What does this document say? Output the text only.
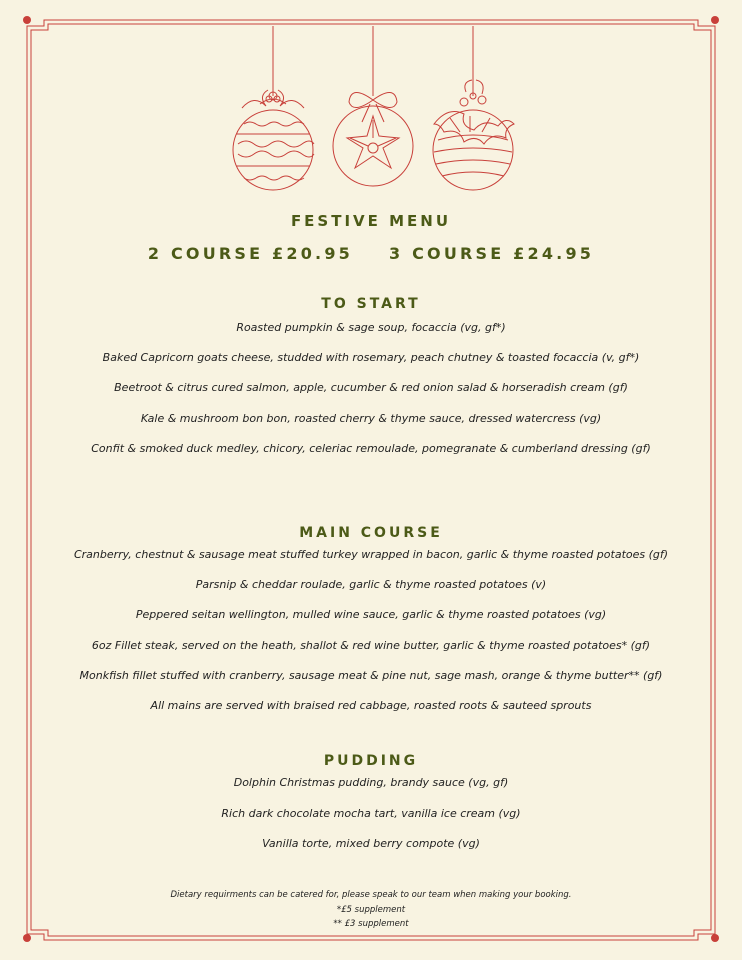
FESTIVE MENU

2 COURSE £20.95 3 COURSE £24.95

TO START

Roasted pumpkin & sage soup, focaccia (vg, gf*)

Baked Capricorn goats cheese, studded with rosemary, peach chutney & toasted focaccia (v, gf*)

Beetroot & citrus cured salmon, apple, cucumber & red onion salad & horseradish cream (gf)

Kale & mushroom bon bon, roasted cherry & thyme sauce, dressed watercress (vg)

Confit & smoked duck medley, chicory, celeriac remoulade, pomegranate & cumberland dressing (gf)

MAIN COURSE

Cranberry, chestnut & sausage meat stuffed turkey wrapped in bacon, garlic & thyme roasted potatoes (gf)

Parsnip & cheddar roulade, garlic & thyme roasted potatoes (v)

Peppered seitan wellington, mulled wine sauce, garlic & thyme roasted potatoes (vg)

6oz Fillet steak, served on the heath, shallot & red wine butter, garlic & thyme roasted potatoes* (gf)

Monkfish fillet stuffed with cranberry, sausage meat & pine nut, sage mash, orange & thyme butter** (gf)

All mains are served with braised red cabbage, roasted roots & sauteed sprouts

PUDDING

Dolphin Christmas pudding, brandy sauce (vg, gf)

Rich dark chocolate mocha tart, vanilla ice cream (vg)

Vanilla torte, mixed berry compote (vg)

Dietary requirments can be catered for, please speak to our team when making your booking.

*£5 supplement

** £3 supplement
